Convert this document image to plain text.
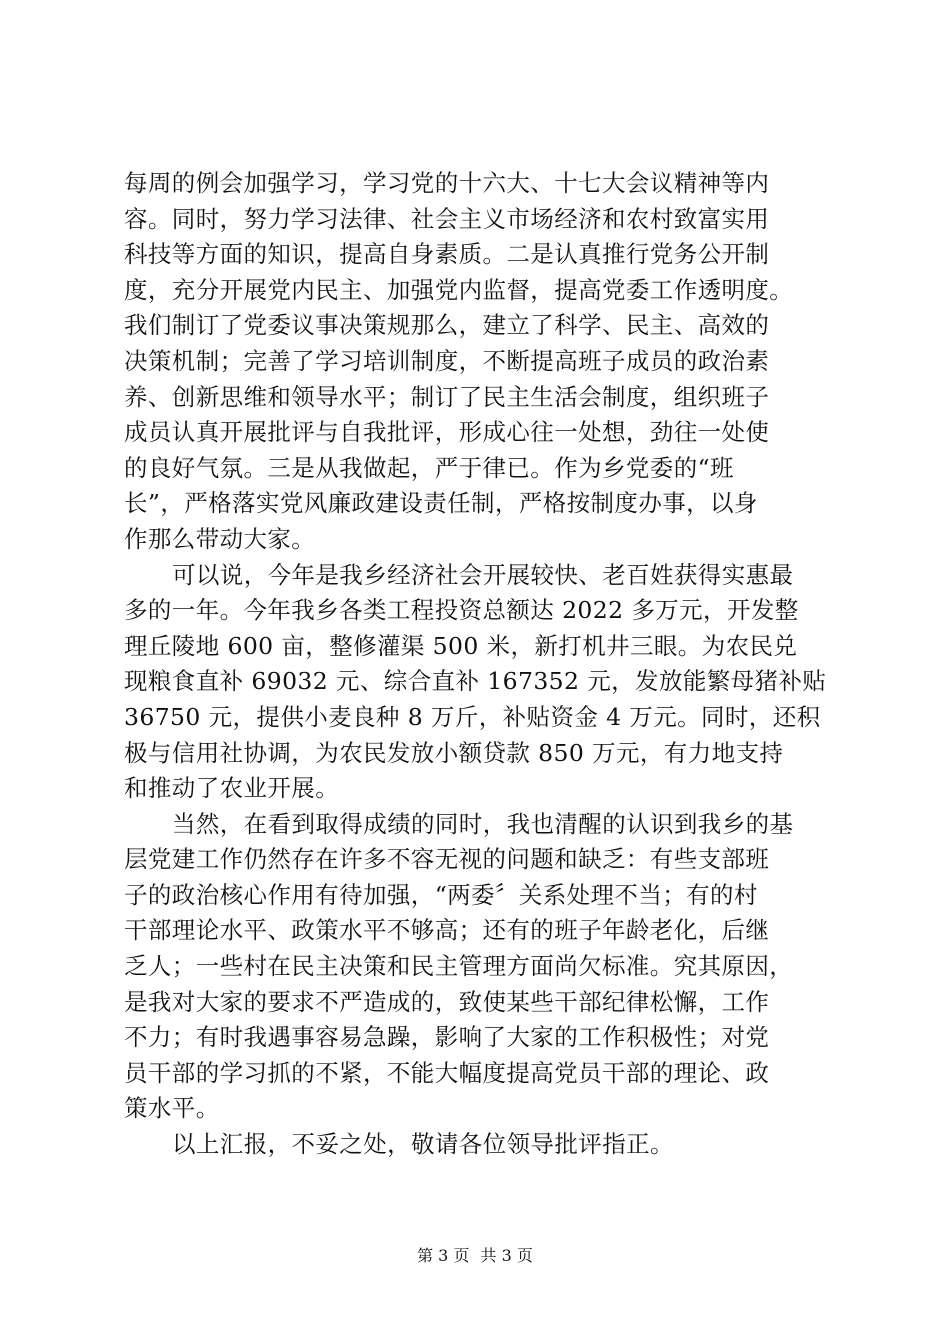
每周的例会加强学习，学习党的十六大、十七大会议精神等内
容。同时，努力学习法律、社会主义市场经济和农村致富实用
科技等方面的知识，提高自身素质。二是认真推行党务公开制
度，充分开展党内民主、加强党内监督，提高党委工作透明度。
我们制订了党委议事决策规那么，建立了科学、民主、高效的
决策机制；完善了学习培训制度，不断提高班子成员的政治素
养、创新思维和领导水平；制订了民主生活会制度，组织班子
成员认真开展批评与自我批评，形成心往一处想，劲往一处使
的良好气氛。三是从我做起，严于律已。作为乡党委的“班
长”，严格落实党风廉政建设责任制，严格按制度办事，以身
作那么带动大家。
可以说，今年是我乡经济社会开展较快、老百姓获得实惠最
多的一年。今年我乡各类工程投资总额达 2022 多万元，开发整
理丘陵地 600 亩，整修灌渠 500 米，新打机井三眼。为农民兑
现粮食直补 69032 元、综合直补 167352 元，发放能繁母猪补贴
36750 元，提供小麦良种 8 万斤，补贴资金 4 万元。同时，还积
极与信用社协调，为农民发放小额贷款 850 万元，有力地支持
和推动了农业开展。
当然，在看到取得成绩的同时，我也清醒的认识到我乡的基
层党建工作仍然存在许多不容无视的问题和缺乏：有些支部班
子的政治核心作用有待加强，“两委〞关系处理不当；有的村
干部理论水平、政策水平不够高；还有的班子年龄老化，后继
乏人；一些村在民主决策和民主管理方面尚欠标准。究其原因，
是我对大家的要求不严造成的，致使某些干部纪律松懈，工作
不力；有时我遇事容易急躁，影响了大家的工作积极性；对党
员干部的学习抓的不紧，不能大幅度提高党员干部的理论、政
策水平。
以上汇报，不妥之处，敬请各位领导批评指正。
第 3 页 共 3 页
